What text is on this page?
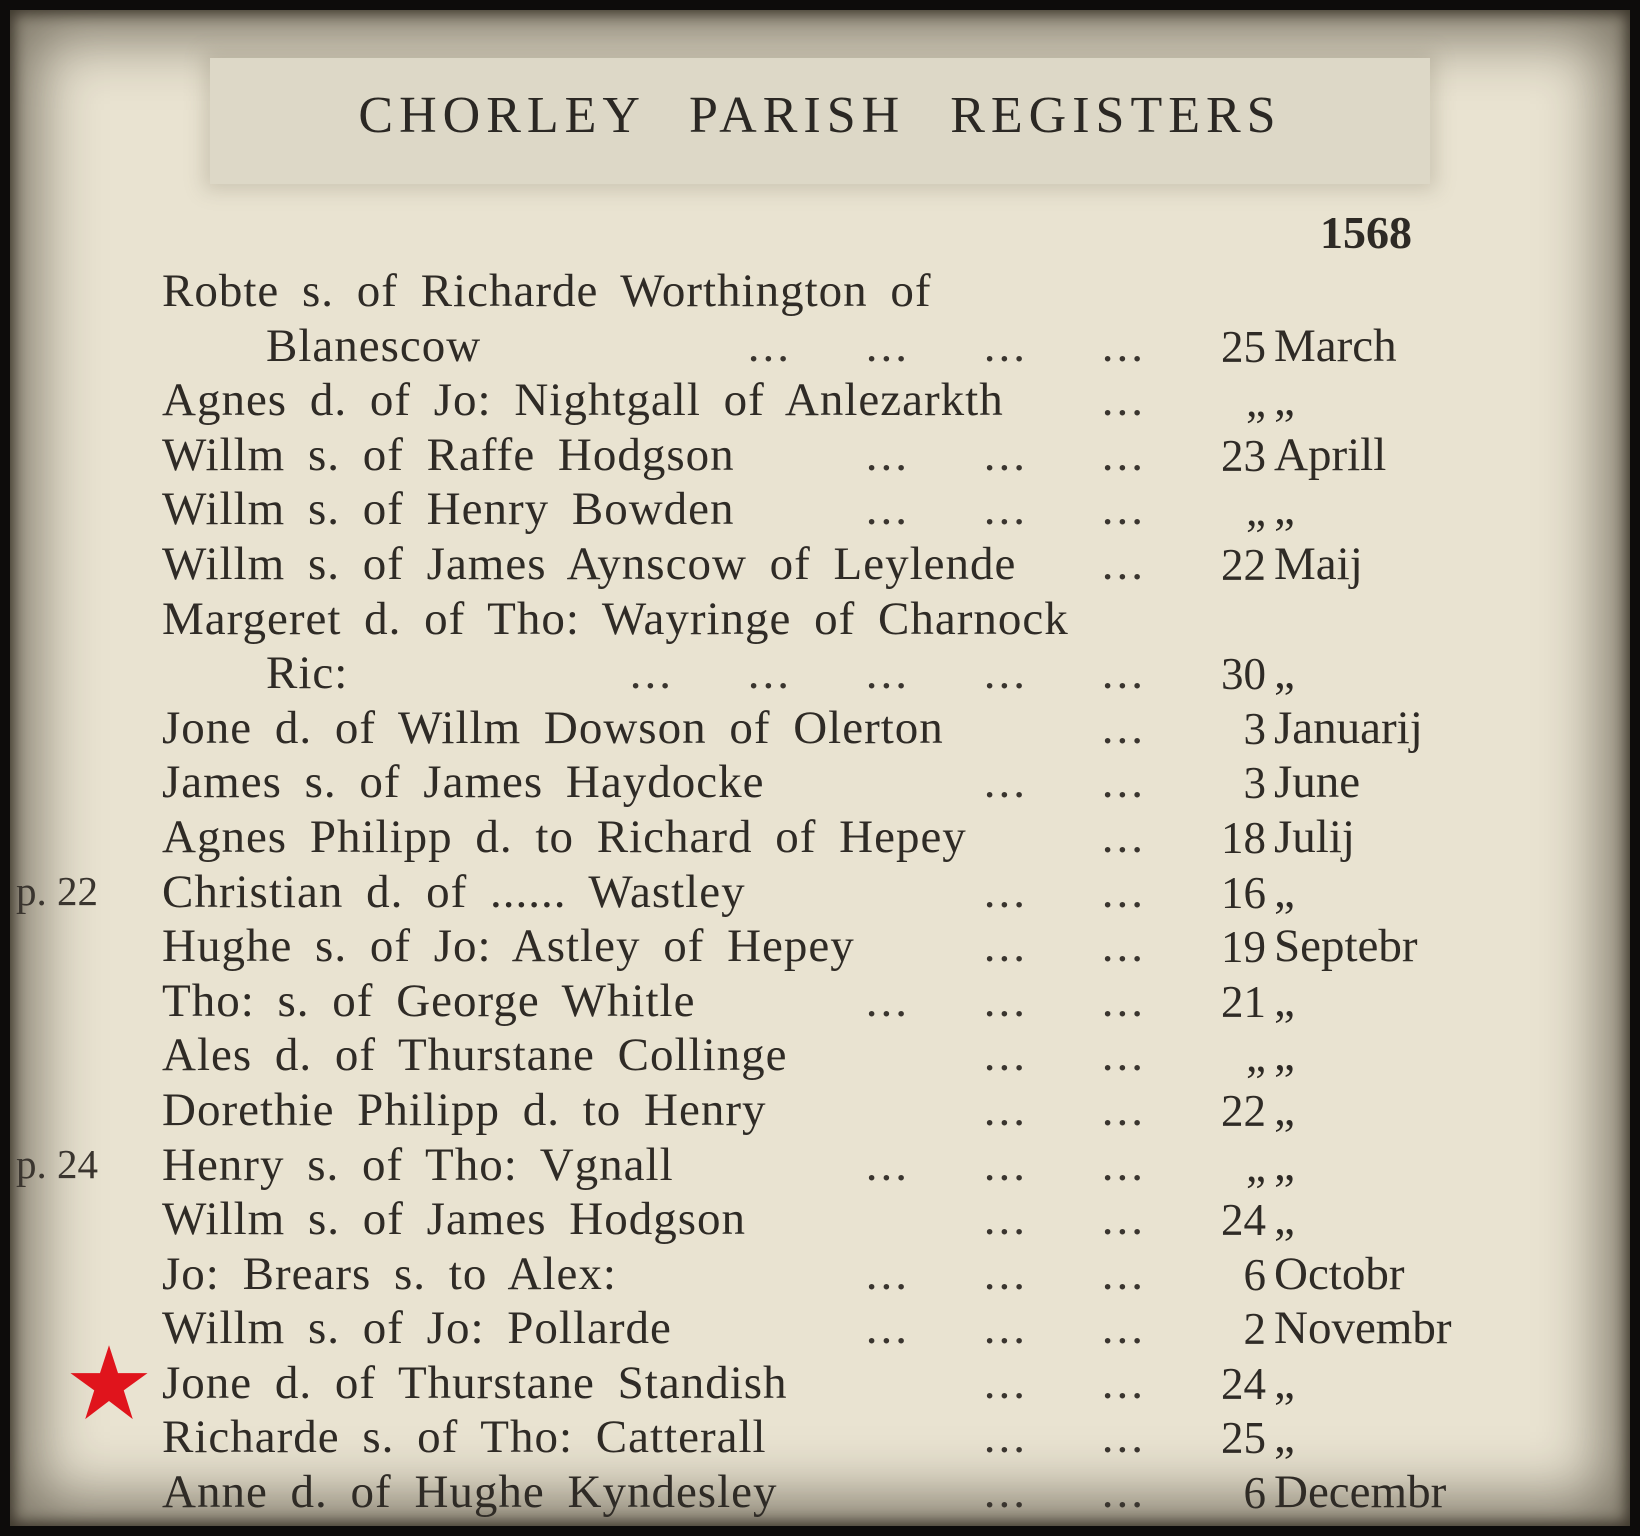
CHORLEY PARISH REGISTERS
1568
Robte s. of Richarde Worthington of
Blanescow	...     ...     ...     ...	25 March
Agnes d. of Jo: Nightgall of Anlezarkth ...	„ „
Willm s. of Raffe Hodgson	...     ...     ...	23 Aprill
Willm s. of Henry Bowden	...     ...     ...	„ „
Willm s. of James Aynscow of Leylende ...	22 Maij
Margeret d. of Tho: Wayringe of Charnock
Ric:	...     ...     ...     ...     ...	30 „
Jone d. of Willm Dowson of Olerton	...	3 Januarij
James s. of James Haydocke	...     ...	3 June
Agnes Philipp d. to Richard of Hepey	...	18 Julij
p. 22 Christian d. of ...... Wastley	...     ...	16 „
Hughe s. of Jo: Astley of Hepey	...     ...	19 Septebr
Tho: s. of George Whitle	...     ...     ...	21 „
Ales d. of Thurstane Collinge	...     ...	„ „
Dorethie Philipp d. to Henry	...     ...	22 „
p. 24 Henry s. of Tho: Vgnall	...     ...     ...	„ „
Willm s. of James Hodgson	...     ...	24 „
Jo: Brears s. to Alex:	...     ...     ...	6 Octobr
Willm s. of Jo: Pollarde	...     ...     ...	2 Novembr
Jone d. of Thurstane Standish	...     ...	24 „
Richarde s. of Tho: Catterall	...     ...	25 „
Anne d. of Hughe Kyndesley	...     ...	6 Decembr
